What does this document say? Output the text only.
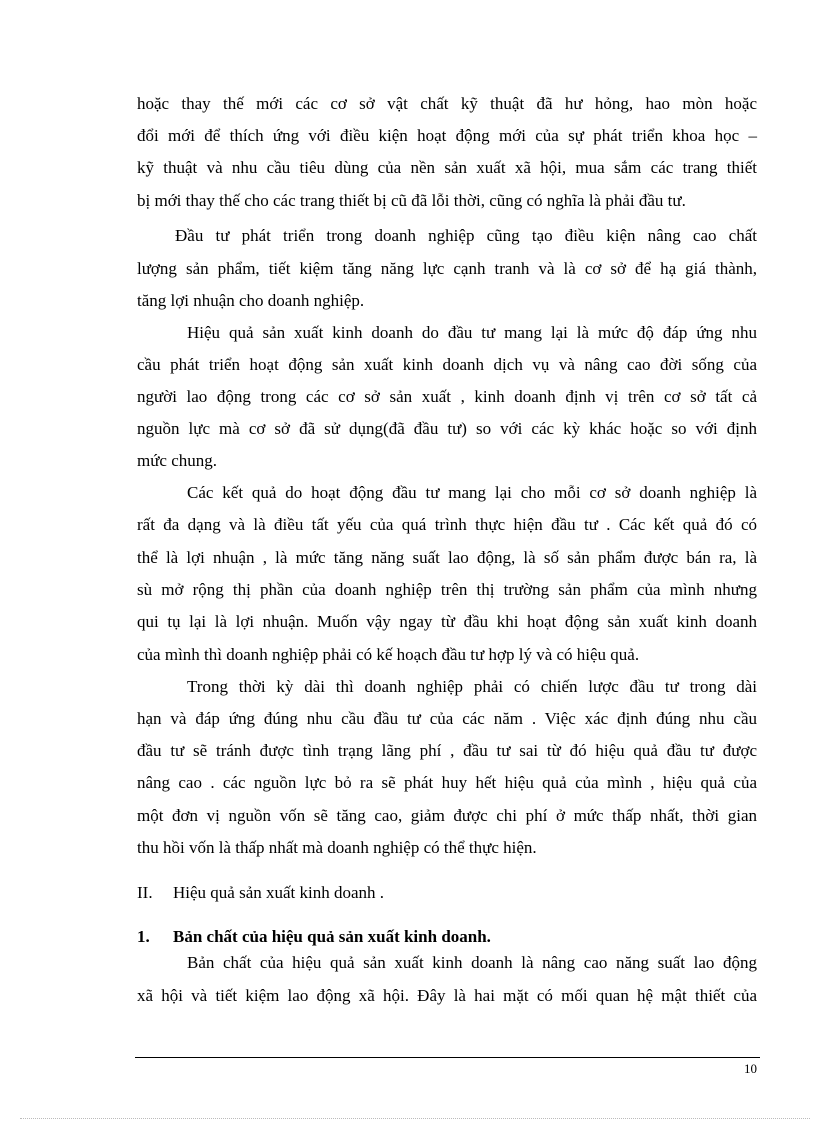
hoặc thay thế mới các cơ sở vật chất kỹ thuật đã hư hỏng, hao mòn hoặc
đổi mới để thích ứng với điều kiện hoạt động mới của sự phát triển khoa học –
kỹ thuật và nhu cầu tiêu dùng của nền sản xuất xã hội, mua sắm các trang thiết
bị mới thay thế cho các trang thiết bị cũ đã lỗi thời, cũng có nghĩa là phải đầu tư.
Đầu tư phát triển trong doanh nghiệp cũng tạo điều kiện nâng cao chất
lượng sản phẩm, tiết kiệm tăng năng lực cạnh tranh và là cơ sở để hạ giá thành,
tăng lợi nhuận cho doanh nghiệp.
Hiệu quả sản xuất kinh doanh do đầu tư mang lại là mức độ đáp ứng nhu
cầu phát triển hoạt động sản xuất kinh doanh dịch vụ và nâng cao đời sống của
người lao động trong các cơ sở sản xuất , kinh doanh định vị trên cơ sở tất cả
nguồn lực mà cơ sở đã sử dụng(đã đầu tư) so với các kỳ khác hoặc so với định
mức chung.
Các kết quả do hoạt động đầu tư mang lại cho mỗi cơ sở doanh nghiệp là
rất đa dạng và là điều tất yếu của quá trình thực hiện đầu tư . Các kết quả đó có
thể là lợi nhuận , là mức tăng năng suất lao động, là số sản phẩm được bán ra, là
sù mở rộng thị phần của doanh nghiệp trên thị trường sản phẩm của mình nhưng
qui tụ lại là lợi nhuận. Muốn vậy ngay từ đầu khi hoạt động sản xuất kinh doanh
của mình thì doanh nghiệp phải có kế hoạch đầu tư hợp lý và có hiệu quả.
Trong thời kỳ dài thì doanh nghiệp phải có chiến lược đầu tư trong dài
hạn và đáp ứng đúng nhu cầu đầu tư của các năm . Việc xác định đúng nhu cầu
đầu tư sẽ tránh được tình trạng lãng phí , đầu tư sai từ đó hiệu quả đầu tư được
nâng cao . các nguồn lực bỏ ra sẽ phát huy hết hiệu quả của mình , hiệu quả của
một đơn vị nguồn vốn sẽ tăng cao, giảm được chi phí ở mức thấp nhất, thời gian
thu hồi vốn là thấp nhất mà doanh nghiệp có thể thực hiện.
II. Hiệu quả sản xuất kinh doanh .
1. Bản chất của hiệu quả sản xuất kinh doanh.
Bản chất của hiệu quả sản xuất kinh doanh là nâng cao năng suất lao động
xã hội và tiết kiệm lao động xã hội. Đây là hai mặt có mối quan hệ mật thiết của
10
